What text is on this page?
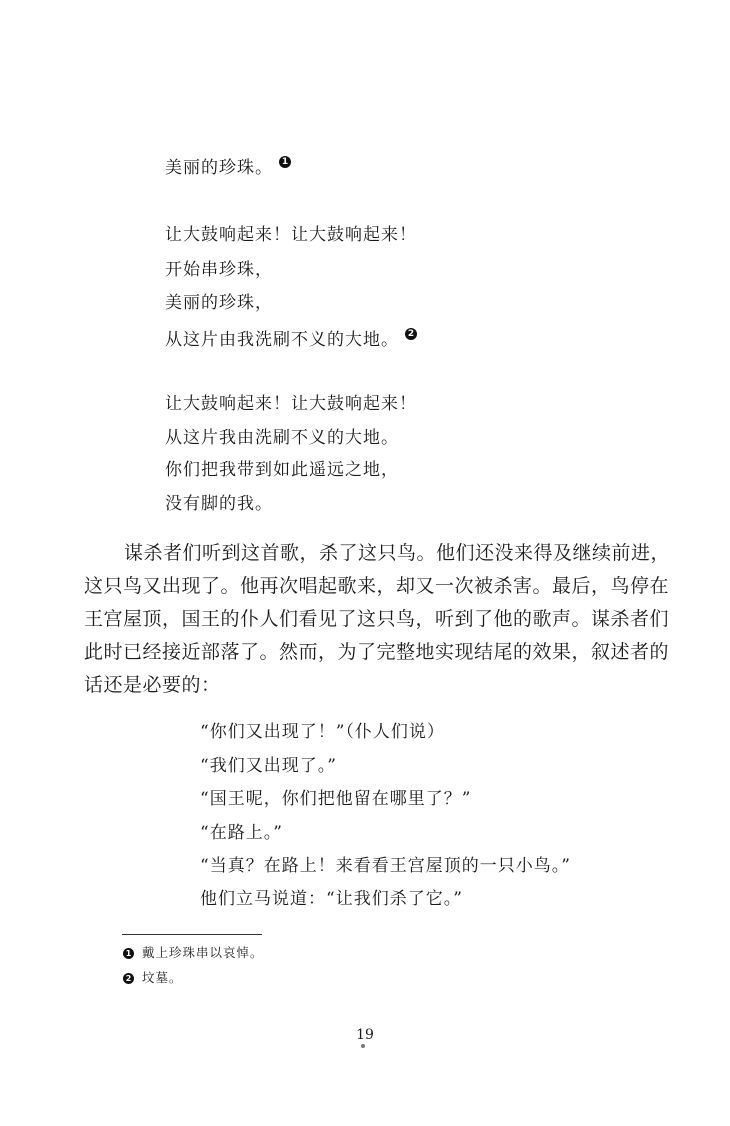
美丽的珍珠。 1
让大鼓响起来！让大鼓响起来！
开始串珍珠，
美丽的珍珠，
从这片由我洗刷不义的大地。 2
让大鼓响起来！让大鼓响起来！
从这片我由洗刷不义的大地。
你们把我带到如此遥远之地，
没有脚的我。
谋杀者们听到这首歌，杀了这只鸟。他们还没来得及继续前进，
这只鸟又出现了。他再次唱起歌来，却又一次被杀害。最后，鸟停在
王宫屋顶，国王的仆人们看见了这只鸟，听到了他的歌声。谋杀者们
此时已经接近部落了。然而，为了完整地实现结尾的效果，叙述者的
话还是必要的：
“你们又出现了！”（仆人们说）
“我们又出现了。”
“国王呢，你们把他留在哪里了？”
“在路上。”
“当真？在路上！来看看王宫屋顶的一只小鸟。”
他们立马说道：“让我们杀了它。”
1 戴上珍珠串以哀悼。
2 坟墓。
19
